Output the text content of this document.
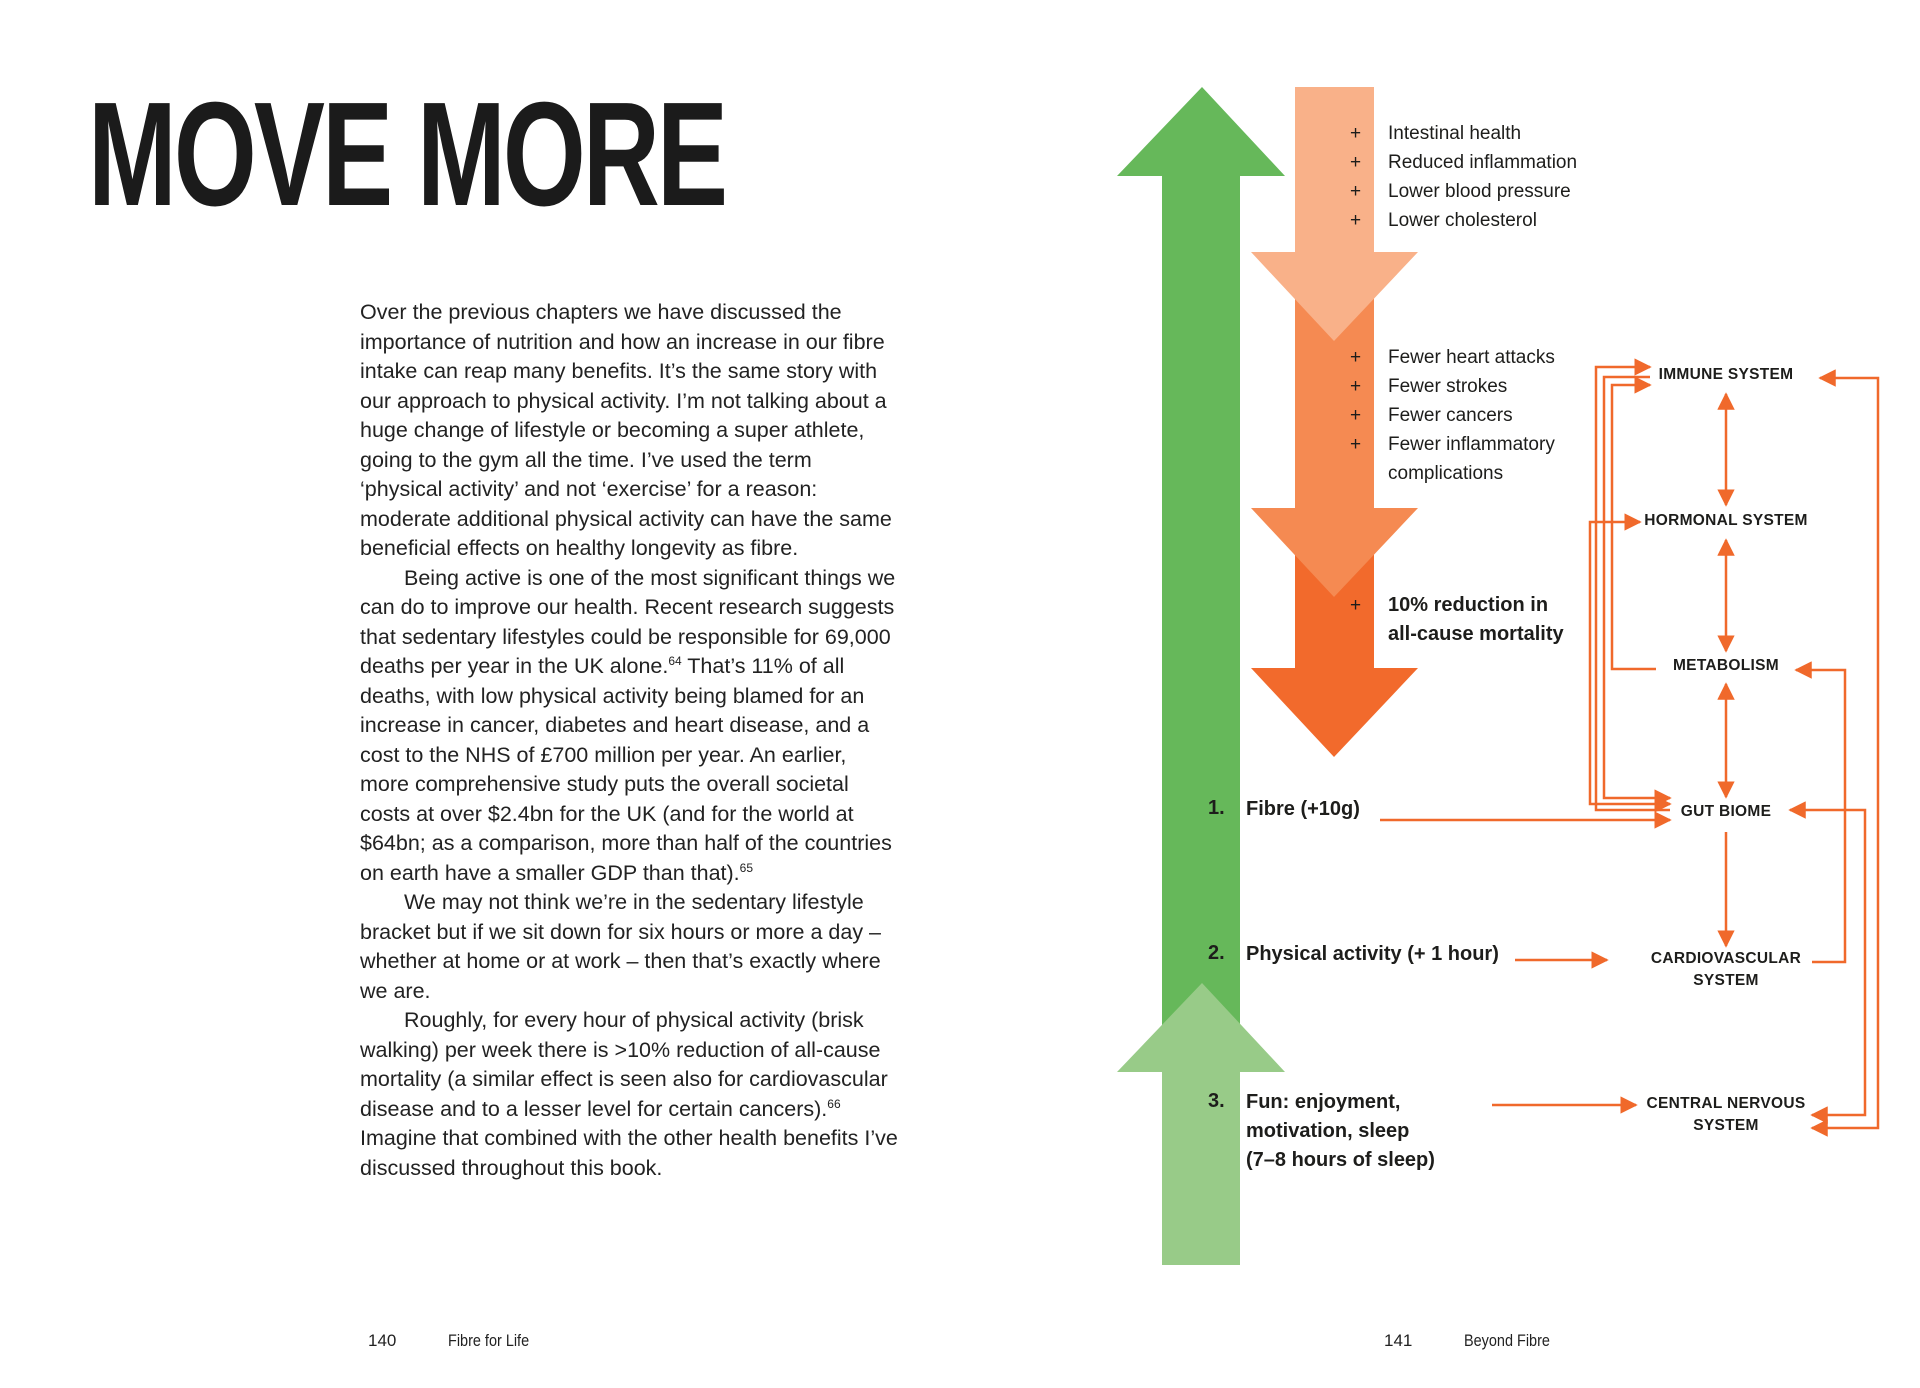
MOVE MORE

Over the previous chapters we have discussed the importance of nutrition and how an increase in our fibre intake can reap many benefits. It’s the same story with our approach to physical activity. I’m not talking about a huge change of lifestyle or becoming a super athlete, going to the gym all the time. I’ve used the term ‘physical activity’ and not ‘exercise’ for a reason: moderate additional physical activity can have the same beneficial effects on healthy longevity as fibre.

Being active is one of the most significant things we can do to improve our health. Recent research suggests that sedentary lifestyles could be responsible for 69,000 deaths per year in the UK alone.$^{64}$ That’s 11% of all deaths, with low physical activity being blamed for an increase in cancer, diabetes and heart disease, and a cost to the NHS of £700 million per year. An earlier, more comprehensive study puts the overall societal costs at over $2.4bn for the UK (and for the world at $64bn; as a comparison, more than half of the countries on earth have a smaller GDP than that).$^{65}$

We may not think we’re in the sedentary lifestyle bracket but if we sit down for six hours or more a day – whether at home or at work – then that’s exactly where we are.

Roughly, for every hour of physical activity (brisk walking) per week there is >10% reduction of all-cause mortality (a similar effect is seen also for cardiovascular disease and to a lesser level for certain cancers).$^{66}$ Imagine that combined with the other health benefits I’ve discussed throughout this book.

140	Fibre for Life	141	Beyond Fibre
+
+
+
+
Intestinal health
Reduced inflammation
Lower blood pressure
Lower cholesterol
+
+
+
+
Fewer heart attacks
Fewer strokes
Fewer cancers
Fewer inflammatory
complications
+ 10% reduction in
all-cause mortality
1. Fibre (+10g)
2. Physical activity (+ 1 hour)
3. Fun: enjoyment,
motivation, sleep
(7–8 hours of sleep)
IMMUNE SYSTEM
HORMONAL SYSTEM
METABOLISM
GUT BIOME
CARDIOVASCULAR
SYSTEM
CENTRAL NERVOUS
SYSTEM
